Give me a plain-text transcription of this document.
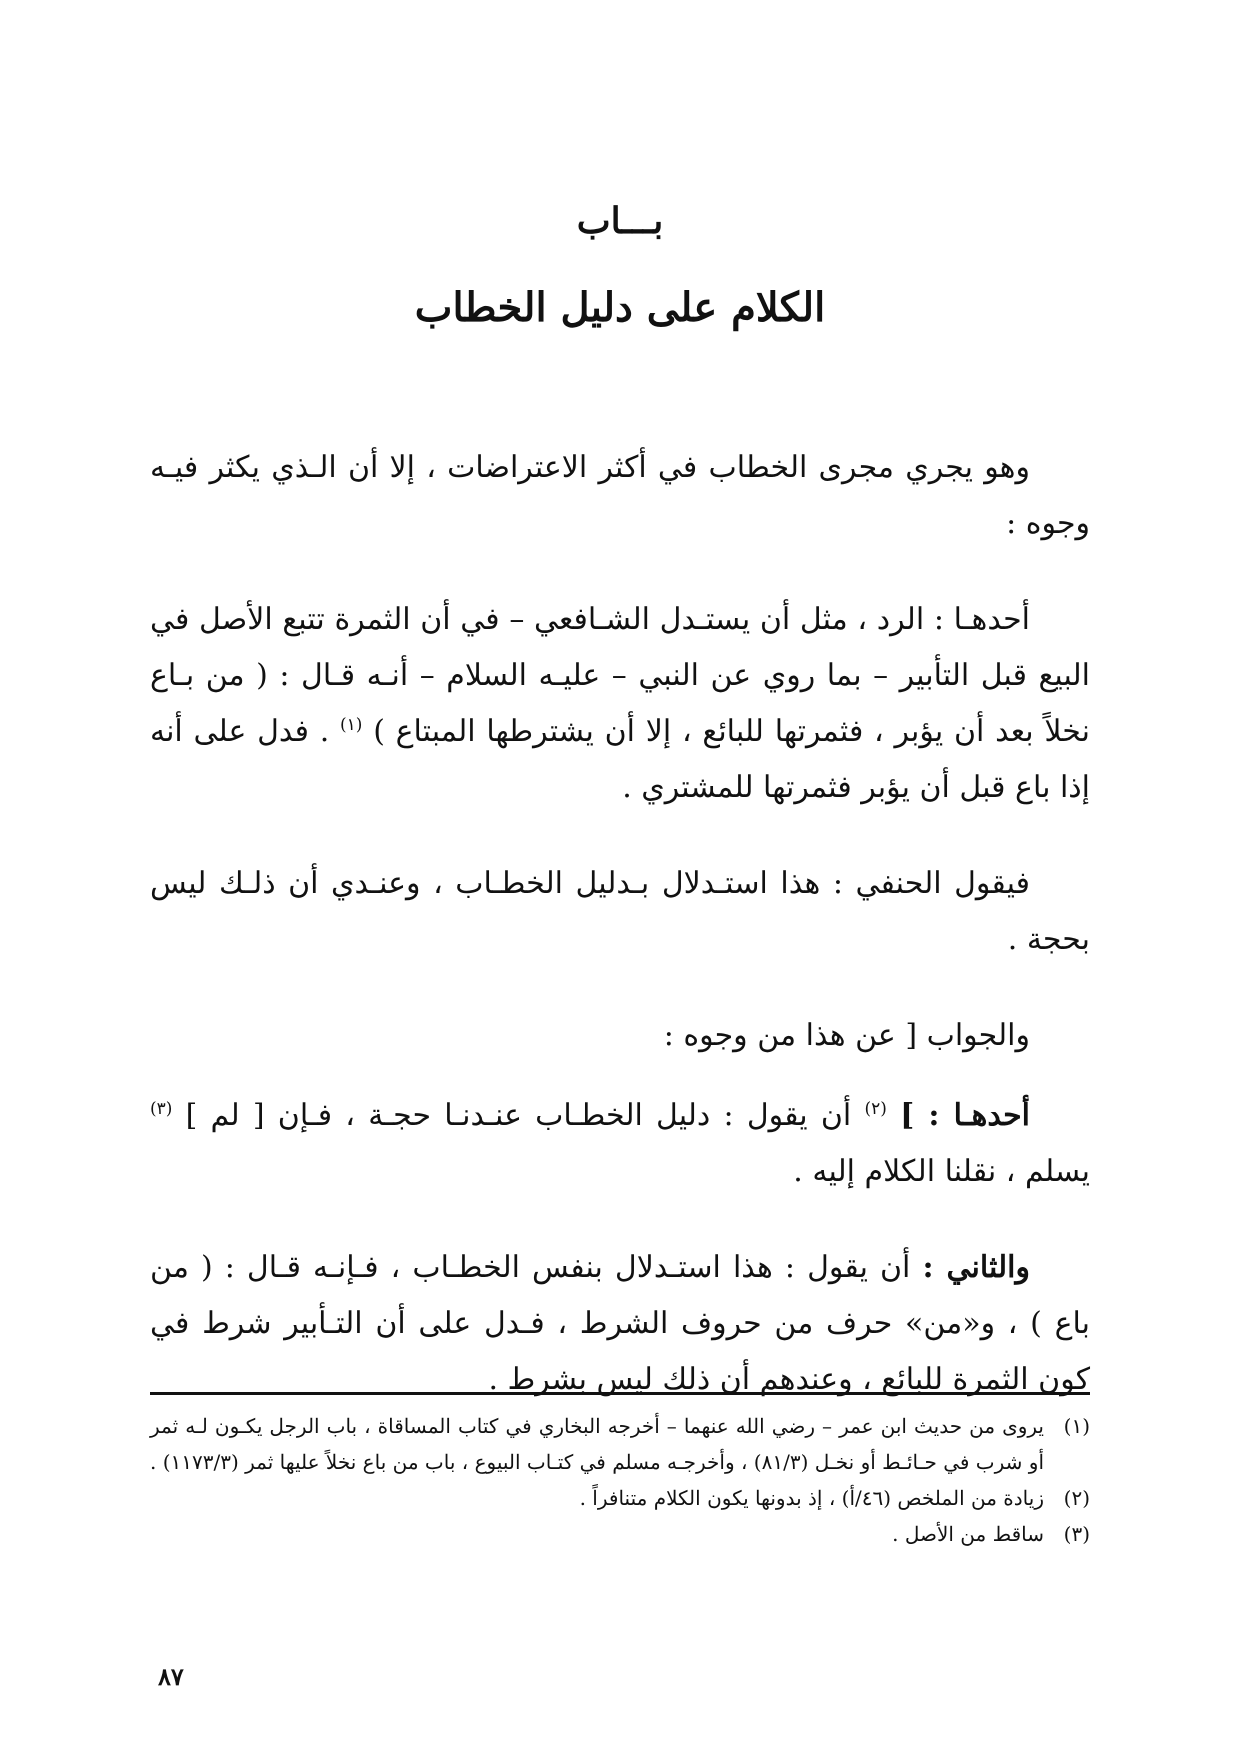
بـــاب
الكلام على دليل الخطاب

وهو يجري مجرى الخطاب في أكثر الاعتراضات ، إلا أن الـذي يكثر فيـه وجوه :

أحدهـا : الرد ، مثل أن يستـدل الشـافعي – في أن الثمرة تتبع الأصل في البيع قبل التأبير – بما روي عن النبي – عليـه السلام – أنـه قـال : ( من بـاع نخلاً بعد أن يؤبر ، فثمرتها للبائع ، إلا أن يشترطها المبتاع ) $^{(١)}$ . فدل على أنه إذا باع قبل أن يؤبر فثمرتها للمشتري .

فيقول الحنفي : هذا استـدلال بـدليل الخطـاب ، وعنـدي أن ذلـك ليس بحجة .

والجواب [ عن هذا من وجوه :

أحدهـا : ] $^{(٢)}$ أن يقول : دليل الخطـاب عنـدنـا حجـة ، فـإن [ لم ] $^{(٣)}$ يسلم ، نقلنا الكلام إليه .

والثاني : أن يقول : هذا استـدلال بنفس الخطـاب ، فـإنـه قـال : ( من باع ) ، و«من» حرف من حروف الشرط ، فـدل على أن التـأبير شرط في كون الثمرة للبائع ، وعندهم أن ذلك ليس بشرط .

(١)
يروى من حديث ابن عمر – رضي الله عنهما – أخرجه البخاري في كتاب المساقاة ، باب الرجل يكـون لـه ثمر أو شرب في حـائـط أو نخـل (٨١/٣) ، وأخرجـه مسلم في كتـاب البيوع ، باب من باع نخلاً عليها ثمر (١١٧٣/٣) .
(٢)
زيادة من الملخص (٤٦/أ) ، إذ بدونها يكون الكلام متنافراً .
(٣)
ساقط من الأصل .
٨٧
